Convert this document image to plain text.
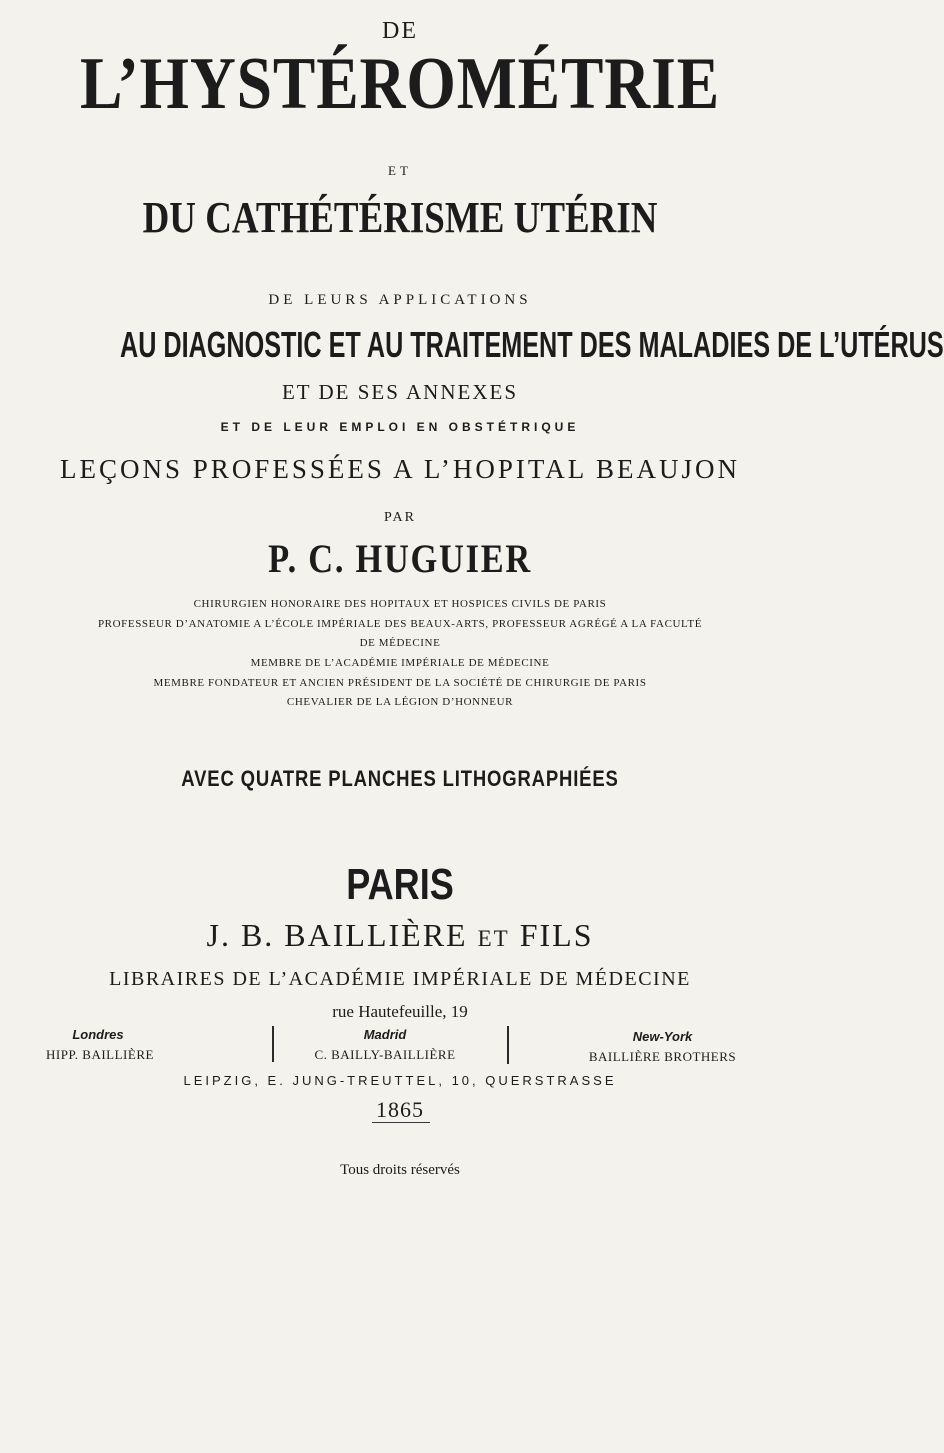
DE
L’HYSTÉROMÉTRIE
ET
DU CATHÉTÉRISME UTÉRIN
DE LEURS APPLICATIONS
AU DIAGNOSTIC ET AU TRAITEMENT DES MALADIES DE L’UTÉRUS
ET DE SES ANNEXES
ET DE LEUR EMPLOI EN OBSTÉTRIQUE
LEÇONS PROFESSÉES A L’HOPITAL BEAUJON
PAR
P. C. HUGUIER
CHIRURGIEN HONORAIRE DES HOPITAUX ET HOSPICES CIVILS DE PARIS
PROFESSEUR D’ANATOMIE A L’ÉCOLE IMPÉRIALE DES BEAUX-ARTS, PROFESSEUR AGRÉGÉ A LA FACULTÉ
DE MÉDECINE
MEMBRE DE L’ACADÉMIE IMPÉRIALE DE MÉDECINE
MEMBRE FONDATEUR ET ANCIEN PRÉSIDENT DE LA SOCIÉTÉ DE CHIRURGIE DE PARIS
CHEVALIER DE LA LÉGION D’HONNEUR
AVEC QUATRE PLANCHES LITHOGRAPHIÉES
PARIS
J. B. BAILLIÈRE ET FILS
LIBRAIRES DE L’ACADÉMIE IMPÉRIALE DE MÉDECINE
rue Hautefeuille, 19
Londres
HIPP. BAILLIÈRE
Madrid
C. BAILLY-BAILLIÈRE
New-York
BAILLIÈRE BROTHERS
LEIPZIG, E. JUNG-TREUTTEL, 10, QUERSTRASSE
1865
Tous droits réservés
